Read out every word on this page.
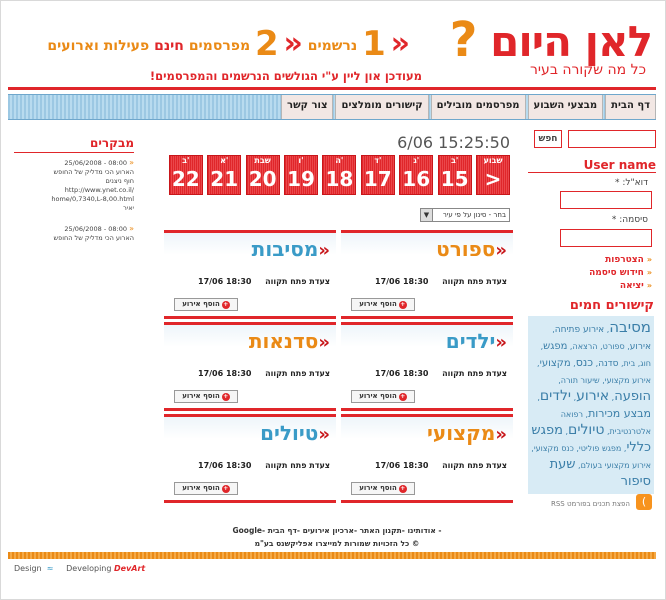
? לאן היום
כל מה שקורה בעיר
« 1 נרשמים « 2 מפרסמים חינם פעילות וארועים
מעודכן און ליין ע"י הגולשים הנרשמים והמפרסמים!
דף הבית
מבצעי השבוע
מפרסמים מובילים
קישורים מומלצים
צור קשר
חפש
User name
דוא"ל: *
סיסמה: *
«הצטרפות
«חידוש סיסמה
«יציאה
קישורים חמים
מסיבה, אירוע פתיחה, אירוע, ספורט, הרצאה, מפגש, חוג, בית, סדנה, כנס, מקצועי, אירוע מקצועי, שיעור תורה, הופעה, אירוע, ילדים, מבצע מכירות, רפואה אלטרנטיבית, טיולים, מפגש כללי, מפגש פוליטי, כנס מקצועי, אירוע מקצועי בעולם, שעת סיפור
)
הפצת תכנים בפורמט RSS
6/06 15:25:50
שבוע
>
ב'
15
ג'
16
ד'
17
ה'
18
ו'
19
שבת
20
א'
21
ב'
22
▼	בחר - סינון על פי עיר
«ספורט
צעדת פתח תקווה
18:30 17/06
+הוסף אירוע
«מסיבות
צעדת פתח תקווה
18:30 17/06
+הוסף אירוע
«ילדים
צעדת פתח תקווה
18:30 17/06
+הוסף אירוע
«סדנאות
צעדת פתח תקווה
18:30 17/06
+הוסף אירוע
«מקצועי
צעדת פתח תקווה
18:30 17/06
+הוסף אירוע
«טיולים
צעדת פתח תקווה
18:30 17/06
+הוסף אירוע
מבקרים
« 08:00 - 25/06/2008
הארוע הכי מדליק של החופש
חוף ניצנים
http://www.ynet.co.il/
home/0,7340,L-8,00.html
יאיר
« 08:00 - 25/06/2008
הארוע הכי מדליק של החופש
- אודותינו -תקנון האתר -ארכיון אירועים -דף הבית -Google
© כל הזכויות שמורות למייצרו אפליקשנס בע"מ
Design  ≈     Developing DevArt
